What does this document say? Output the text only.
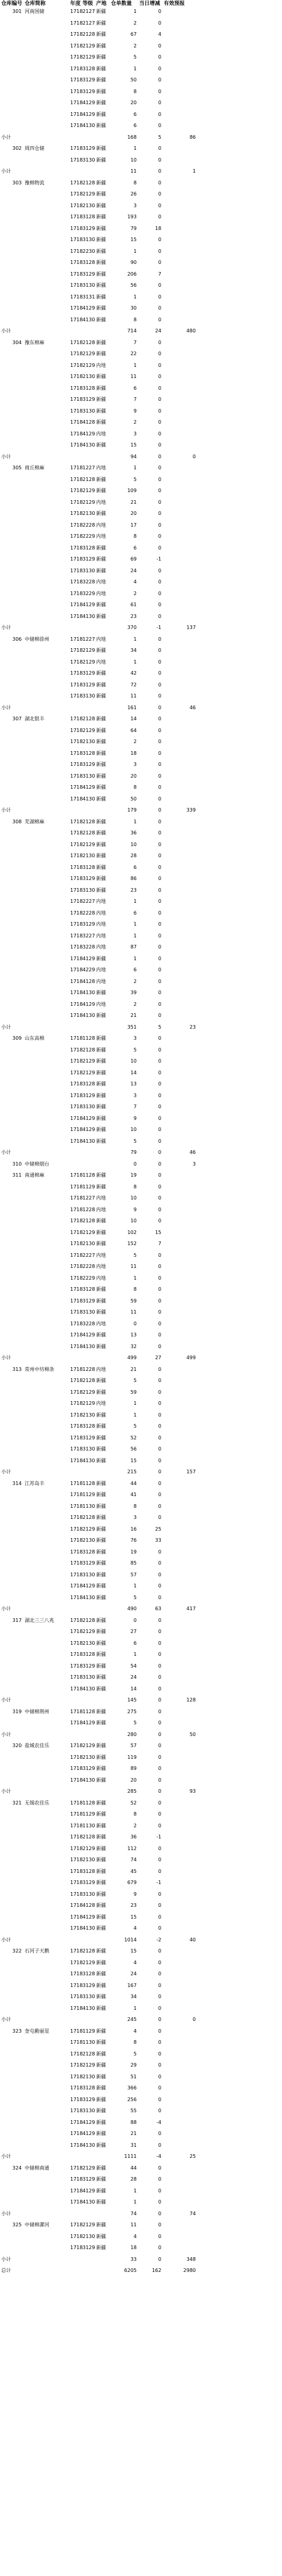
仓库编号 仓库简称	年度 等级 产地 仓单数量 当日增减 有效预报
301 河南国储	1718 2127 新疆	1	0
1718 2127 新疆	2	0
1718 2128 新疆	67	4
1718 2129 新疆	2	0
1718 2129 新疆	5	0
1718 3128 新疆	1	0
1718 3129 新疆	50	0
1718 3129 新疆	8	0
1718 4129 新疆	20	0
1718 4129 新疆	6	0
1718 4130 新疆	6	0
小计	168	5	86
302 周四仓储	1718 3129 新疆	1	0
1718 3130 新疆	10	0
小计	11	0	1
303 豫棉物流	1718 2128 新疆	8	0
1718 2129 新疆	26	0
1718 2130 新疆	3	0
1718 3128 新疆	193	0
1718 3129 新疆	79	18
1718 3130 新疆	15	0
1718 2230 新疆	1	0
1718 3128 新疆	90	0
1718 3129 新疆	206	7
1718 3130 新疆	56	0
1718 3131 新疆	1	0
1718 4129 新疆	30	0
1718 4130 新疆	8	0
小计	714	24	480
304 豫东棉麻	1718 2128 新疆	7	0
1718 2129 新疆	22	0
1718 2129 内地	1	0
1718 2130 新疆	11	0
1718 3128 新疆	6	0
1718 3129 新疆	7	0
1718 3130 新疆	9	0
1718 4128 新疆	2	0
1718 4129 内地	3	0
1718 4130 新疆	15	0
小计	94	0	0
305 商丘棉麻	1718 1227 内地	1	0
1718 2128 新疆	5	0
1718 2129 新疆	109	0
1718 2129 内地	21	0
1718 2130 新疆	20	0
1718 2228 内地	17	0
1718 2229 内地	8	0
1718 3128 新疆	6	0
1718 3129 新疆	69	-1
1718 3130 新疆	24	0
1718 3228 内地	4	0
1718 3229 内地	2	0
1718 4129 新疆	61	0
1718 4130 新疆	23	0
小计	370	-1	137
306 中储棉徐州	1718 1227 内地	1	0
1718 2129 新疆	34	0
1718 2129 内地	1	0
1718 3129 新疆	42	0
1718 3129 新疆	72	0
1718 3130 新疆	11	0
小计	161	0	46
307 湖北银丰	1718 2128 新疆	14	0
1718 2129 新疆	64	0
1718 2130 新疆	2	0
1718 3128 新疆	18	0
1718 3129 新疆	3	0
1718 3130 新疆	20	0
1718 4129 新疆	8	0
1718 4130 新疆	50	0
小计	179	0	339
308 芜湖棉麻	1718 2128 新疆	1	0
1718 2128 新疆	36	0
1718 2129 新疆	10	0
1718 2130 新疆	28	0
1718 3128 新疆	6	0
1718 3129 新疆	86	0
1718 3130 新疆	23	0
1718 2227 内地	1	0
1718 2228 内地	6	0
1718 3129 内地	1	0
1718 3227 内地	1	0
1718 3228 内地	87	0
1718 4129 新疆	1	0
1718 4229 内地	6	0
1718 4128 内地	2	0
1718 4130 新疆	39	0
1718 4129 内地	2	0
1718 4130 新疆	21	0
小计	351	5	23
309 山东高棉	1718 1128 新疆	3	0
1718 2128 新疆	5	0
1718 2129 新疆	10	0
1718 2129 新疆	14	0
1718 3128 新疆	13	0
1718 3129 新疆	3	0
1718 3130 新疆	7	0
1718 4129 新疆	9	0
1718 4129 新疆	10	0
1718 4130 新疆	5	0
小计	79	0	46
310 中储棉烟台	0	0	3
311 南通棉麻	1718 1128 新疆	19	0
1718 1129 新疆	8	0
1718 1227 内地	10	0
1718 1228 内地	9	0
1718 2128 新疆	10	0
1718 2129 新疆	102	15
1718 2130 新疆	152	7
1718 2227 内地	5	0
1718 2228 内地	11	0
1718 2229 内地	1	0
1718 3128 新疆	8	0
1718 3129 新疆	59	0
1718 3130 新疆	11	0
1718 3228 内地	0	0
1718 4129 新疆	13	0
1718 4130 新疆	32	0
小计	499	27	499
313 常州中坊棉条	1718 1228 内地	21	0
1718 2128 新疆	5	0
1718 2129 新疆	59	0
1718 2129 内地	1	0
1718 2130 新疆	1	0
1718 3128 新疆	5	0
1718 3129 新疆	52	0
1718 3130 新疆	56	0
1718 4130 新疆	15	0
小计	215	0	157
314 江苏岛丰	1718 1128 新疆	44	0
1718 1129 新疆	41	0
1718 1130 新疆	8	0
1718 2128 新疆	3	0
1718 2129 新疆	16	25
1718 2130 新疆	76	33
1718 3128 新疆	19	0
1718 3129 新疆	85	0
1718 3130 新疆	57	0
1718 4129 新疆	1	0
1718 4130 新疆	5	0
小计	490	63	417
317 湖北三三八兆	1718 2128 新疆	0	0
1718 2129 新疆	27	0
1718 2130 新疆	6	0
1718 3128 新疆	1	0
1718 3129 新疆	54	0
1718 3130 新疆	24	0
1718 4130 新疆	14	0
小计	145	0	128
319 中储棉荆州	1718 1128 新疆	275	0
1718 4129 新疆	5	0
小计	280	0	50
320 盐城农佳乐	1718 2129 新疆	57	0
1718 2130 新疆	119	0
1718 3129 新疆	89	0
1718 4130 新疆	20	0
小计	285	0	93
321 无锡农佳乐	1718 1128 新疆	52	0
1718 1129 新疆	8	0
1718 1130 新疆	2	0
1718 2128 新疆	36	-1
1718 2129 新疆	112	0
1718 2130 新疆	74	0
1718 3128 新疆	45	0
1718 3129 新疆	679	-1
1718 3130 新疆	9	0
1718 4128 新疆	23	0
1718 4129 新疆	15	0
1718 4130 新疆	4	0
小计	1014	-2	40
322 石河子天鹅	1718 2128 新疆	15	0
1718 2129 新疆	4	0
1718 3128 新疆	24	0
1718 3129 新疆	167	0
1718 3130 新疆	34	0
1718 4130 新疆	1	0
小计	245	0	0
323 奎屯勤丽星	1718 1129 新疆	4	0
1718 1130 新疆	8	0
1718 2128 新疆	5	0
1718 2129 新疆	29	0
1718 2130 新疆	51	0
1718 3128 新疆	366	0
1718 3129 新疆	256	0
1718 3130 新疆	55	0
1718 4129 新疆	88	-4
1718 4129 新疆	21	0
1718 4130 新疆	31	0
小计	1111	-4	25
324 中储棉南通	1718 2129 新疆	44	0
1718 3129 新疆	28	0
1718 4129 新疆	1	0
1718 4130 新疆	1	0
小计	74	0	74
325 中储棉漯河	1718 2129 新疆	11	0
1718 2130 新疆	4	0
1718 3129 新疆	18	0
小计	33	0	348
总计	6205	162	2980
